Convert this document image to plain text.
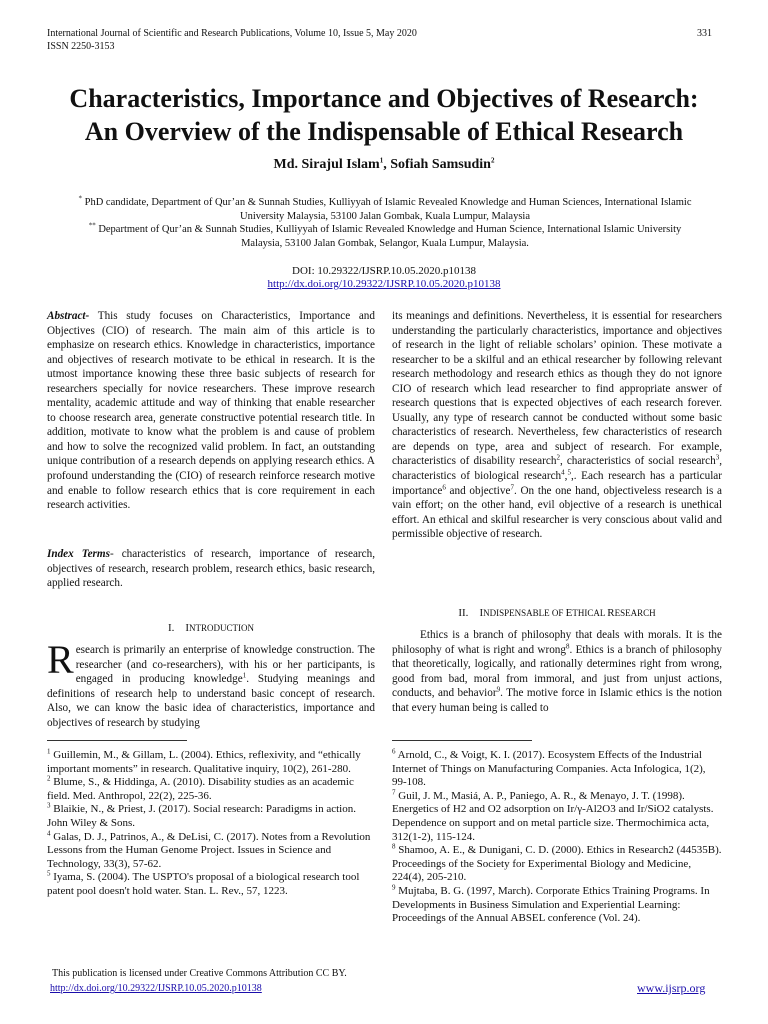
International Journal of Scientific and Research Publications, Volume 10, Issue 5, May 2020	331
ISSN 2250-3153
Characteristics, Importance and Objectives of Research:
An Overview of the Indispensable of Ethical Research
Md. Sirajul Islam$^1$, Sofiah Samsudin$^2$
* PhD candidate, Department of Qur’an & Sunnah Studies, Kulliyyah of Islamic Revealed Knowledge and Human Sciences, International Islamic
University Malaysia, 53100 Jalan Gombak, Kuala Lumpur, Malaysia
** Department of Qur’an & Sunnah Studies, Kulliyyah of Islamic Revealed Knowledge and Human Science, International Islamic University
Malaysia, 53100 Jalan Gombak, Selangor, Kuala Lumpur, Malaysia.
DOI: 10.29322/IJSRP.10.05.2020.p10138
http://dx.doi.org/10.29322/IJSRP.10.05.2020.p10138

Abstract- This study focuses on Characteristics, Importance and Objectives (CIO) of research. The main aim of this article is to emphasize on research ethics. Knowledge in characteristics, importance and objectives of research motivate to be ethical in research. It is the utmost importance knowing these three basic subjects of research for researchers specially for novice researchers. These improve research mentality, academic attitude and way of thinking that enable researcher to choose research area, generate constructive potential research title. In addition, motivate to know what the problem is and cause of problem and how to solve the recognized valid problem. In fact, an outstanding unique contribution of a research depends on applying research ethics. A profound understanding the (CIO) of research reinforce research motive and enable to follow research ethics that is core requirement in each research activities.

Index Terms- characteristics of research, importance of research, objectives of research, research problem, research ethics, basic research, applied research.

I. INTRODUCTION

Research is primarily an enterprise of knowledge construction. The researcher (and co-researchers), with his or her participants, is engaged in producing knowledge$^1$. Studying meanings and definitions of research help to understand basic concept of research. Also, we can know the basic idea of characteristics, importance and objectives of research by studying

its meanings and definitions. Nevertheless, it is essential for researchers understanding the particularly characteristics, importance and objectives of research in the light of reliable scholars’ opinion. These motivate a researcher to be a skilful and an ethical researcher by following relevant research methodology and research ethics as though they do not ignore CIO of research which lead researcher to find appropriate answer of research questions that is expected objectives of each research forever. Usually, any type of research cannot be conducted without some basic characteristics of research. Nevertheless, few characteristics of research are depends on type, area and subject of research. For example, characteristics of disability research$^2$, characteristics of social research$^3$, characteristics of biological research$^4$,$^5$,. Each research has a particular importance$^6$ and objective$^7$. On the one hand, objectiveless research is a vain effort; on the other hand, evil objective of a research is unethical effort. An ethical and skilful researcher is very conscious about valid and permissible objective of research.

II. INDISPENSABLE OF ETHICAL RESEARCH

Ethics is a branch of philosophy that deals with morals. It is the philosophy of what is right and wrong$^8$. Ethics is a branch of philosophy that theoretically, logically, and rationally determines right from wrong, good from bad, moral from immoral, and just from unjust actions, conducts, and behavior$^9$. The motive force in Islamic ethics is the notion that every human being is called to

$^1$ Guillemin, M., & Gillam, L. (2004). Ethics, reflexivity, and “ethically important moments” in research. Qualitative inquiry, 10(2), 261-280.

$^2$ Blume, S., & Hiddinga, A. (2010). Disability studies as an academic field. Med. Anthropol, 22(2), 225-36.

$^3$ Blaikie, N., & Priest, J. (2017). Social research: Paradigms in action. John Wiley & Sons.

$^4$ Galas, D. J., Patrinos, A., & DeLisi, C. (2017). Notes from a Revolution Lessons from the Human Genome Project. Issues in Science and Technology, 33(3), 57-62.

$^5$ Iyama, S. (2004). The USPTO's proposal of a biological research tool patent pool doesn't hold water. Stan. L. Rev., 57, 1223.

$^6$ Arnold, C., & Voigt, K. I. (2017). Ecosystem Effects of the Industrial Internet of Things on Manufacturing Companies. Acta Infologica, 1(2), 99-108.

$^7$ Guil, J. M., Masiá, A. P., Paniego, A. R., & Menayo, J. T. (1998). Energetics of H2 and O2 adsorption on Ir/γ-Al2O3 and Ir/SiO2 catalysts. Dependence on support and on metal particle size. Thermochimica acta, 312(1-2), 115-124.

$^8$ Shamoo, A. E., & Dunigani, C. D. (2000). Ethics in Research2 (44535B). Proceedings of the Society for Experimental Biology and Medicine, 224(4), 205-210.

$^9$ Mujtaba, B. G. (1997, March). Corporate Ethics Training Programs. In Developments in Business Simulation and Experiential Learning: Proceedings of the Annual ABSEL conference (Vol. 24).

This publication is licensed under Creative Commons Attribution CC BY.
http://dx.doi.org/10.29322/IJSRP.10.05.2020.p10138	www.ijsrp.org
